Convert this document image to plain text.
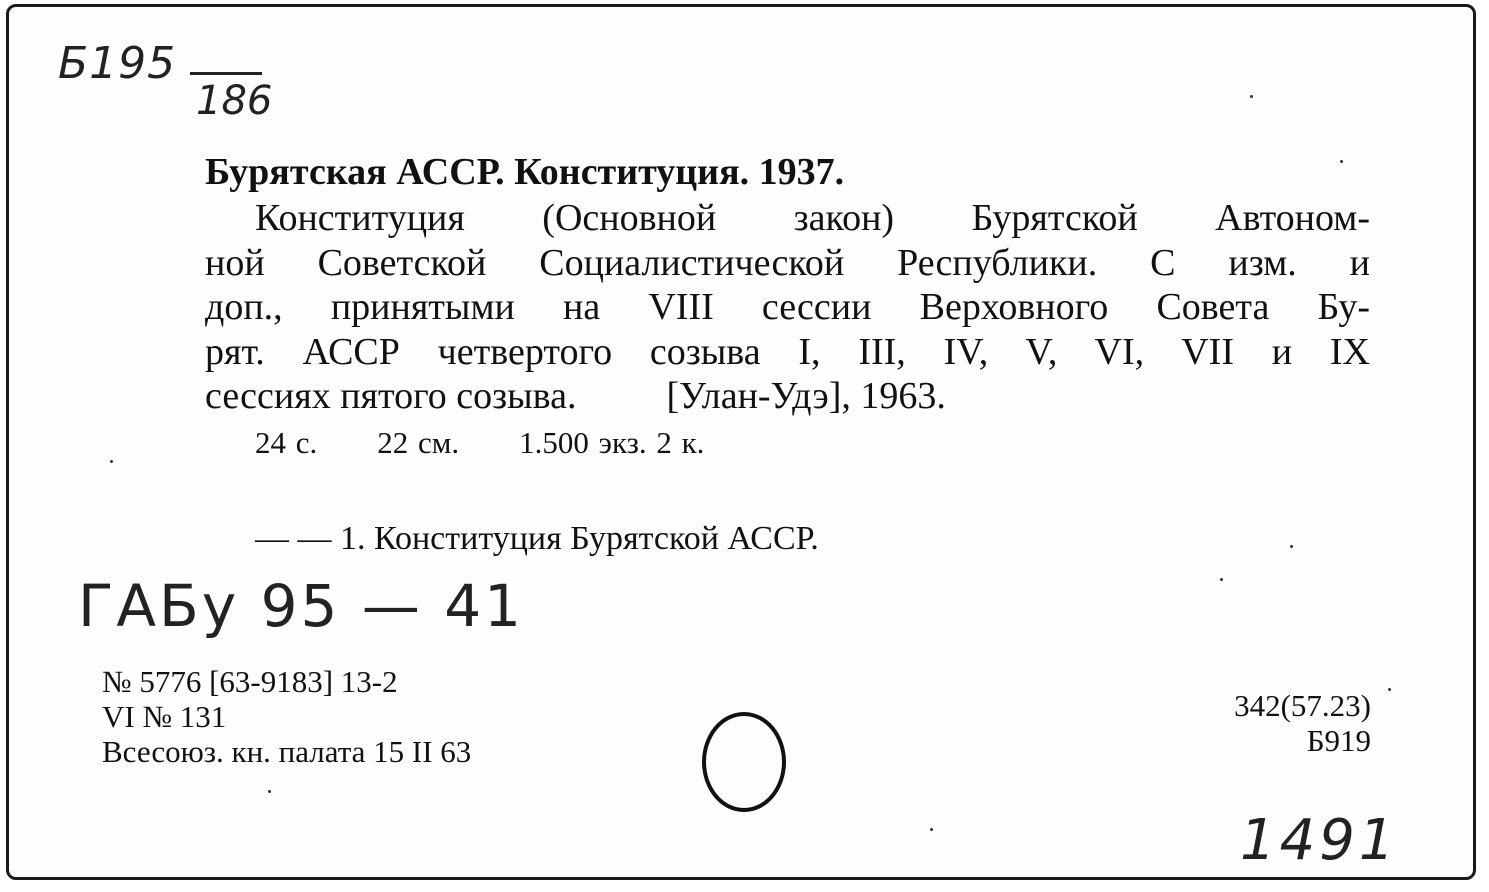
Б195
186
Бурятская АССР. Конституция. 1937.
Конституция (Основной закон) Бурятской Автоном-
ной Советской Социалистической Республики. С изм. и
доп., принятыми на VIII сессии Верховного Совета Бу-
рят. АССР четвертого созыва I, III, IV, V, VI, VII и IX
сессиях пятого созыва. [Улан-Удэ], 1963.
24 с. 22 см. 1.500 экз. 2 к.
— — 1. Конституция Бурятской АССР.
ГАБу 95 — 41
№ 5776 [63-9183] 13-2
VI № 131
Всесоюз. кн. палата 15 II 63
342(57.23)
Б919
1491
